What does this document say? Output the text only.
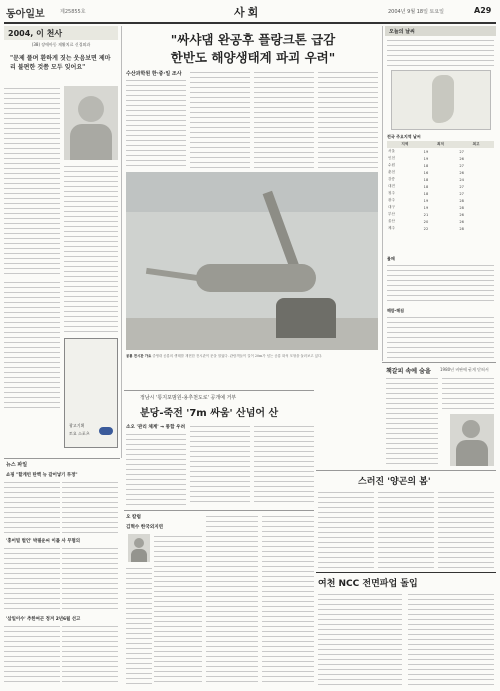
동아일보	제25855호	사회	2004년 9월 18일 토요일	A29
2004, 이 천사
(38) 장애아동 재활치료 신경외과
"문제 풀며 환하게 짓는 웃음보면 제마리 불편한 것쯤 모두 잊어요"
광고기획
토요 스포츠
"싸샤댐 완공후 플랑크톤 급감
한반도 해양생태계 파괴 우려"
수산과학원 한·중·일 조사
공룡 전시관 가요 중생대 공룡의 생태를 재현한 전시관이 문을 열었다. 관람객들이 길이 20m가 넘는 공룡 화석 모형을 둘러보고 있다.
오늘의 날씨
전국 주요지역 날씨
지역	최저	최고
서울	19	27
인천	19	26
수원	18	27
춘천	16	26
강릉	18	24
대전	18	27
청주	18	27
광주	19	28
대구	19	28
부산	21	26
울산	20	26
제주	22	28
물때
해뜸·해짐
책갈피 속에 숨을 1980년 비판에 굳게 닫혀서
스러진 '양곤의 봄'
여천 NCC 전면파업 돌입
뉴스 파일
쇼핑 "할게빈 탄핵 뉴 갈어넣기 투정"
'홍어빌 벌언' 박필운씨 이틀 사 무혐의
'삼일이수' 추한여곤 정겨 2년6월 선고
정남시 '통지포범원-용추천도로' 공개예 거부
분당-죽전 '7m 싸움' 산넘어 산
소오 '관리 체계' → 통합 우려
오 칼럼
김혁수 한국외지연
